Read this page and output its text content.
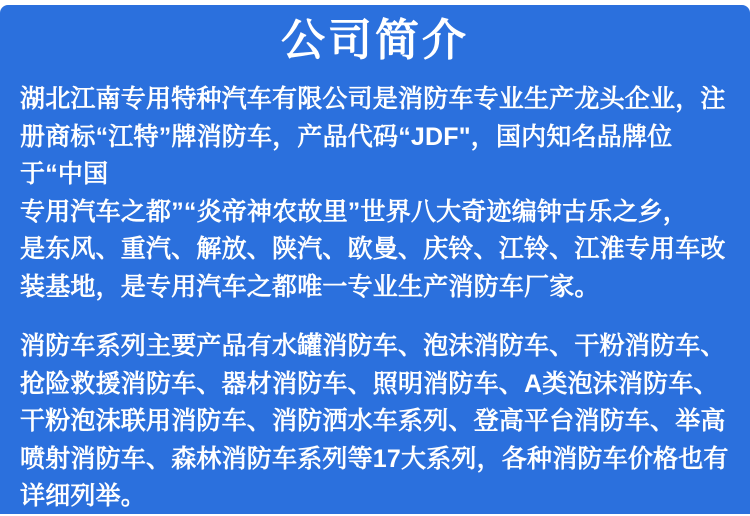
公司简介

湖北江南专用特种汽车有限公司是消防车专业生产龙头企业，注
册商标“江特”牌消防车，产品代码“JDF"，国内知名品牌位
于“中国
专用汽车之都”“炎帝神农故里”世界八大奇迹编钟古乐之乡，
是东风、重汽、解放、陕汽、欧曼、庆铃、江铃、江淮专用车改
装基地，是专用汽车之都唯一专业生产消防车厂家。

消防车系列主要产品有水罐消防车、泡沫消防车、干粉消防车、
抢险救援消防车、器材消防车、照明消防车、A类泡沫消防车、
干粉泡沫联用消防车、消防洒水车系列、登高平台消防车、举高
喷射消防车、森林消防车系列等17大系列，各种消防车价格也有
详细列举。
